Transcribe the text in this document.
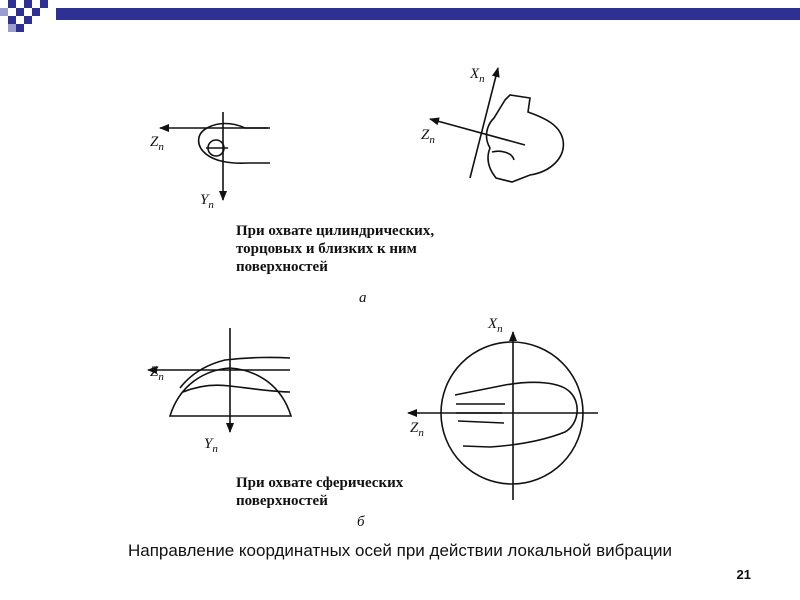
$Z_п$
$Y_п$
$X_п$
$Z_п$
При охвате цилиндрических,
торцовых и близких к ним
поверхностей
а
$Z_п$
$Y_п$
$X_п$
$Z_п$
При охвате сферических
поверхностей
б
Направление координатных осей при действии локальной вибрации
21
